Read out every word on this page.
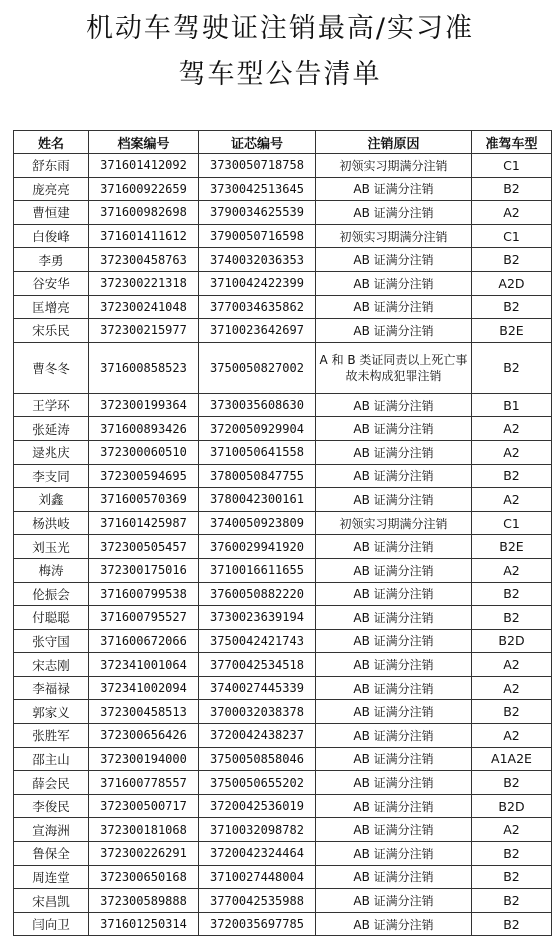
机动车驾驶证注销最高/实习准
驾车型公告清单
姓名	档案编号	证芯编号	注销原因	准驾车型
舒东雨	371601412092	3730050718758	初领实习期满分注销	C1
庞亮亮	371600922659	3730042513645	AB 证满分注销	B2
曹恒建	371600982698	3790034625539	AB 证满分注销	A2
白俊峰	371601411612	3790050716598	初领实习期满分注销	C1
李勇	372300458763	3740032036353	AB 证满分注销	B2
谷安华	372300221318	3710042422399	AB 证满分注销	A2D
匡增亮	372300241048	3770034635862	AB 证满分注销	B2
宋乐民	372300215977	3710023642697	AB 证满分注销	B2E
曹冬冬	371600858523	3750050827002	A 和 B 类证同责以上死亡事故未构成犯罪注销	B2
王学环	372300199364	3730035608630	AB 证满分注销	B1
张延涛	371600893426	3720050929904	AB 证满分注销	A2
逯兆庆	372300060510	3710050641558	AB 证满分注销	A2
李支同	372300594695	3780050847755	AB 证满分注销	B2
刘鑫	371600570369	3780042300161	AB 证满分注销	A2
杨洪岐	371601425987	3740050923809	初领实习期满分注销	C1
刘玉光	372300505457	3760029941920	AB 证满分注销	B2E
梅涛	372300175016	3710016611655	AB 证满分注销	A2
伦振会	371600799538	3760050882220	AB 证满分注销	B2
付聪聪	371600795527	3730023639194	AB 证满分注销	B2
张守国	371600672066	3750042421743	AB 证满分注销	B2D
宋志刚	372341001064	3770042534518	AB 证满分注销	A2
李福禄	372341002094	3740027445339	AB 证满分注销	A2
郭家义	372300458513	3700032038378	AB 证满分注销	B2
张胜军	372300656426	3720042438237	AB 证满分注销	A2
邵主山	372300194000	3750050858046	AB 证满分注销	A1A2E
薛会民	371600778557	3750050655202	AB 证满分注销	B2
李俊民	372300500717	3720042536019	AB 证满分注销	B2D
宣海洲	372300181068	3710032098782	AB 证满分注销	A2
鲁保全	372300226291	3720042324464	AB 证满分注销	B2
周连堂	372300650168	3710027448004	AB 证满分注销	B2
宋昌凯	372300589888	3770042535988	AB 证满分注销	B2
闫向卫	371601250314	3720035697785	AB 证满分注销	B2
